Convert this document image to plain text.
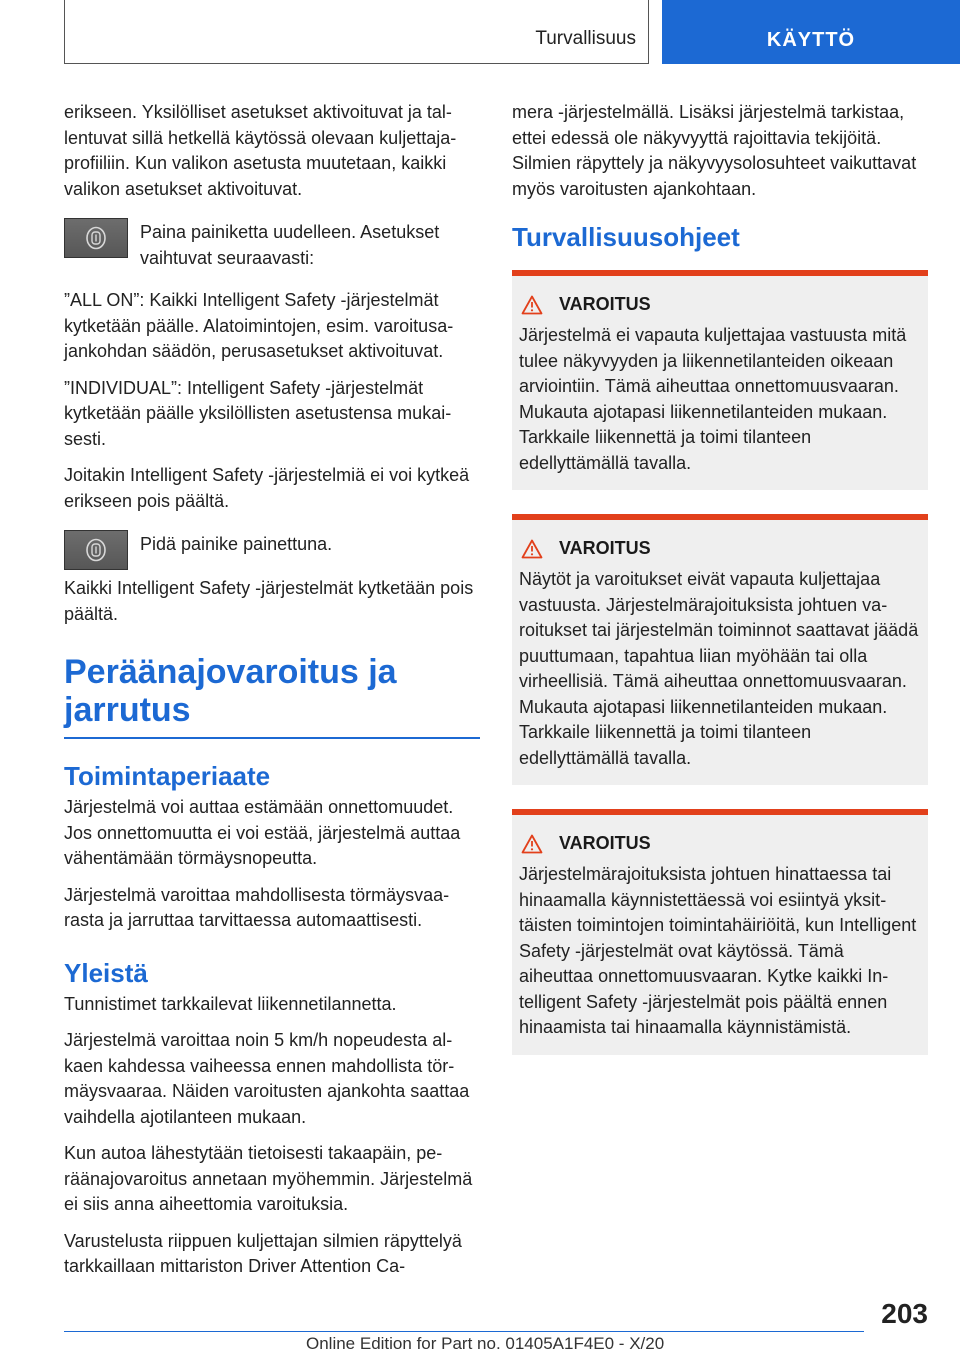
Turvallisuus	KÄYTTÖ

erikseen. Yksilölliset asetukset aktivoituvat ja tallentuvat sillä hetkellä käytössä olevaan kuljettajaprofiiliin. Kun valikon asetusta muutetaan, kaikki valikon asetukset aktivoituvat.

Paina painiketta uudelleen. Asetukset vaihtuvat seuraavasti:

”ALL ON”: Kaikki Intelligent Safety -järjestelmät kytketään päälle. Alatoimintojen, esim. varoitusajankohdan säädön, perusasetukset aktivoituvat.

”INDIVIDUAL”: Intelligent Safety -järjestelmät kytketään päälle yksilöllisten asetustensa mukaisesti.

Joitakin Intelligent Safety -järjestelmiä ei voi kytkeä erikseen pois päältä.

Pidä painike painettuna.

Kaikki Intelligent Safety -järjestelmät kytketään pois päältä.

Peräänajovaroitus ja jarrutus
Toimintaperiaate

Järjestelmä voi auttaa estämään onnettomuudet. Jos onnettomuutta ei voi estää, järjestelmä auttaa vähentämään törmäysnopeutta.

Järjestelmä varoittaa mahdollisesta törmäysvaarasta ja jarruttaa tarvittaessa automaattisesti.

Yleistä

Tunnistimet tarkkailevat liikennetilannetta.

Järjestelmä varoittaa noin 5 km/h nopeudesta alkaen kahdessa vaiheessa ennen mahdollista törmäysvaaraa. Näiden varoitusten ajankohta saattaa vaihdella ajotilanteen mukaan.

Kun autoa lähestytään tietoisesti takaapäin, peräänajovaroitus annetaan myöhemmin. Järjestelmä ei siis anna aiheettomia varoituksia.

Varustelusta riippuen kuljettajan silmien räpyttelyä tarkkaillaan mittariston Driver Attention Ca-

mera -järjestelmällä. Lisäksi järjestelmä tarkistaa, ettei edessä ole näkyvyyttä rajoittavia tekijöitä. Silmien räpyttely ja näkyvyysolosuhteet vaikuttavat myös varoitusten ajankohtaan.

Turvallisuusohjeet
VAROITUS

Järjestelmä ei vapauta kuljettajaa vastuusta mitä tulee näkyvyyden ja liikennetilanteiden oikeaan arviointiin. Tämä aiheuttaa onnettomuusvaaran. Mukauta ajotapasi liikennetilanteiden mukaan. Tarkkaile liikennettä ja toimi tilanteen edellyttämällä tavalla.

VAROITUS

Näytöt ja varoitukset eivät vapauta kuljettajaa vastuusta. Järjestelmärajoituksista johtuen varoitukset tai järjestelmän toiminnot saattavat jäädä puuttumaan, tapahtua liian myöhään tai olla virheellisiä. Tämä aiheuttaa onnettomuusvaaran. Mukauta ajotapasi liikennetilanteiden mukaan. Tarkkaile liikennettä ja toimi tilanteen edellyttämällä tavalla.

VAROITUS

Järjestelmärajoituksista johtuen hinattaessa tai hinaamalla käynnistettäessä voi esiintyä yksittäisten toimintojen toimintahäiriöitä, kun Intelligent Safety -järjestelmät ovat käytössä. Tämä aiheuttaa onnettomuusvaaran. Kytke kaikki Intelligent Safety -järjestelmät pois päältä ennen hinaamista tai hinaamalla käynnistämistä.

203
Online Edition for Part no. 01405A1F4E0 - X/20
